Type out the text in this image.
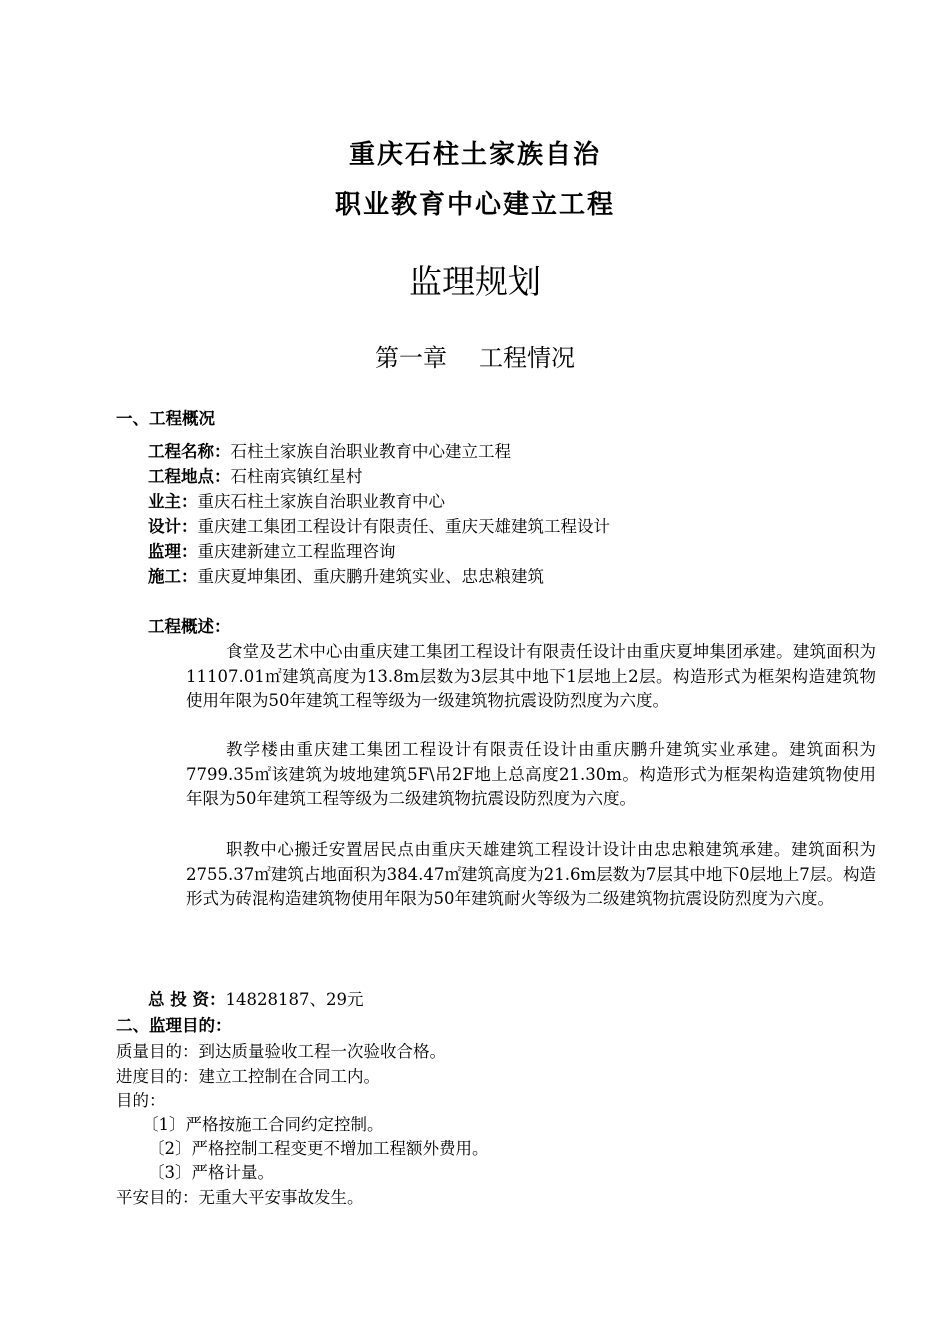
重庆石柱土家族自治
职业教育中心建立工程
监理规划
第一章 工程情况
一、工程概况
工程名称：石柱土家族自治职业教育中心建立工程
工程地点：石柱南宾镇红星村
业主：重庆石柱土家族自治职业教育中心
设计：重庆建工集团工程设计有限责任、重庆天雄建筑工程设计
监理：重庆建新建立工程监理咨询
施工：重庆夏坤集团、重庆鹏升建筑实业、忠忠粮建筑
工程概述：
食堂及艺术中心由重庆建工集团工程设计有限责任设计由重庆夏坤集团承建。建筑面积为11107.01㎡建筑高度为13.8m层数为3层其中地下1层地上2层。构造形式为框架构造建筑物使用年限为50年建筑工程等级为一级建筑物抗震设防烈度为六度。
教学楼由重庆建工集团工程设计有限责任设计由重庆鹏升建筑实业承建。建筑面积为7799.35㎡该建筑为坡地建筑5F\吊2F地上总高度21.30m。构造形式为框架构造建筑物使用年限为50年建筑工程等级为二级建筑物抗震设防烈度为六度。
职教中心搬迁安置居民点由重庆天雄建筑工程设计设计由忠忠粮建筑承建。建筑面积为2755.37㎡建筑占地面积为384.47㎡建筑高度为21.6m层数为7层其中地下0层地上7层。构造形式为砖混构造建筑物使用年限为50年建筑耐火等级为二级建筑物抗震设防烈度为六度。
总 投 资：14828187、29元
二、监理目的：
质量目的：到达质量验收工程一次验收合格。
进度目的：建立工控制在合同工内。
目的：
〔1〕严格按施工合同约定控制。
〔2〕严格控制工程变更不增加工程额外费用。
〔3〕严格计量。
平安目的：无重大平安事故发生。
